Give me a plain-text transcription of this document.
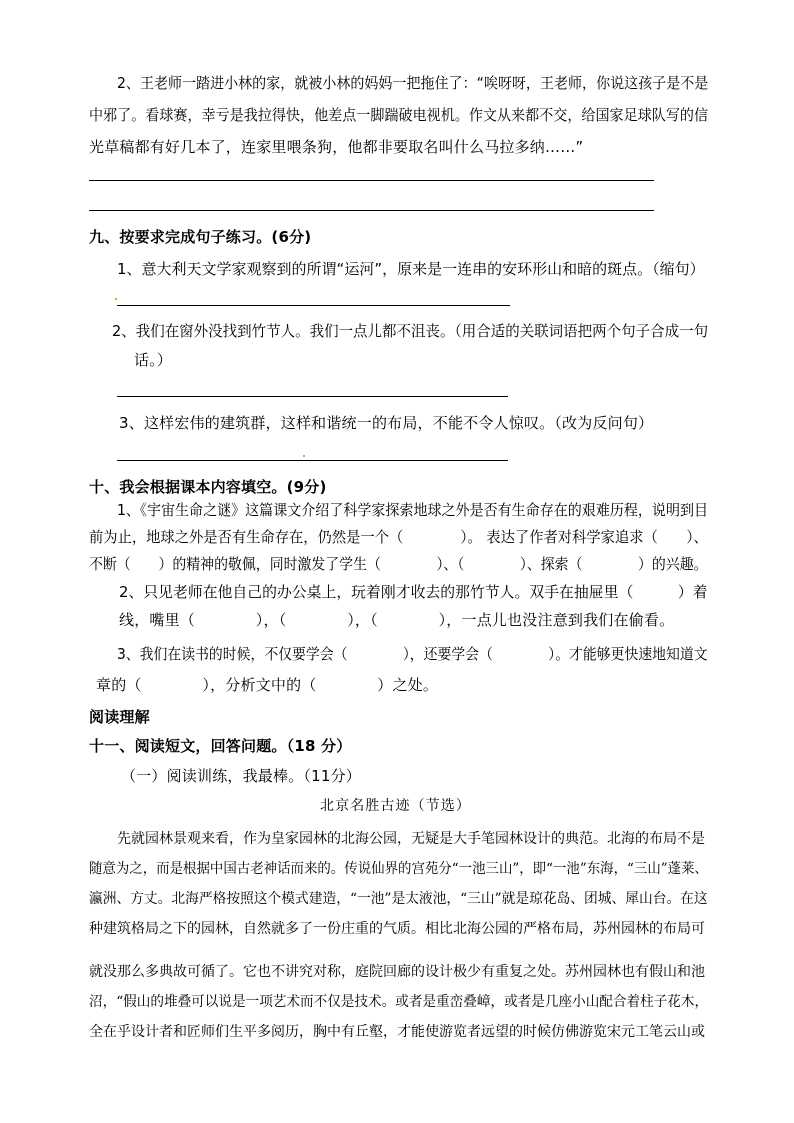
2、王老师一踏进小林的家，就被小林的妈妈一把拖住了：“唉呀呀，王老师，你说这孩子是不是
中邪了。看球赛，幸亏是我拉得快，他差点一脚踹破电视机。作文从来都不交，给国家足球队写的信
光草稿都有好几本了，连家里喂条狗，他都非要取名叫什么马拉多纳……”
九、按要求完成句子练习。(6分)
1、意大利天文学家观察到的所谓“运河”，原来是一连串的安环形山和暗的斑点。（缩句）
2、我们在窗外没找到竹节人。我们一点儿都不沮丧。（用合适的关联词语把两个句子合成一句
话。）
3、这样宏伟的建筑群，这样和谐统一的布局，不能不令人惊叹。（改为反问句）
十、我会根据课本内容填空。(9分)
1、《宇宙生命之谜》这篇课文介绍了科学家探索地球之外是否有生命存在的艰难历程，说明到目
前为止，地球之外是否有生命存在，仍然是一个（　　　　）。 表达了作者对科学家追求（　　）、
不断（　　）的精神的敬佩，同时激发了学生（　　　　）、（　　　　）、探索（　　　　）的兴趣。
2、只见老师在他自己的办公桌上，玩着刚才收去的那竹节人。双手在抽屉里（　　　）着
线，嘴里（　　　　），（　　　　），（　　　　），一点儿也没注意到我们在偷看。
3、我们在读书的时候，不仅要学会（　　　　），还要学会（　　　　）。才能够更快速地知道文
章的（　　　　），分析文中的（　　　　）之处。
阅读理解
十一、阅读短文，回答问题。（18 分）
（一）阅读训练，我最棒。（11分）
北京名胜古迹（节选）
先就园林景观来看，作为皇家园林的北海公园，无疑是大手笔园林设计的典范。北海的布局不是
随意为之，而是根据中国古老神话而来的。传说仙界的宫苑分“一池三山”，即“一池”东海，“三山”蓬莱、
瀛洲、方丈。北海严格按照这个模式建造，“一池”是太液池，“三山”就是琼花岛、团城、犀山台。在这
种建筑格局之下的园林，自然就多了一份庄重的气质。相比北海公园的严格布局，苏州园林的布局可
就没那么多典故可循了。它也不讲究对称，庭院回廊的设计极少有重复之处。苏州园林也有假山和池
沼，“假山的堆叠可以说是一项艺术而不仅是技术。或者是重峦叠嶂，或者是几座小山配合着柱子花木，
全在乎设计者和匠师们生平多阅历，胸中有丘壑，才能使游览者远望的时候仿佛游览宋元工笔云山或
